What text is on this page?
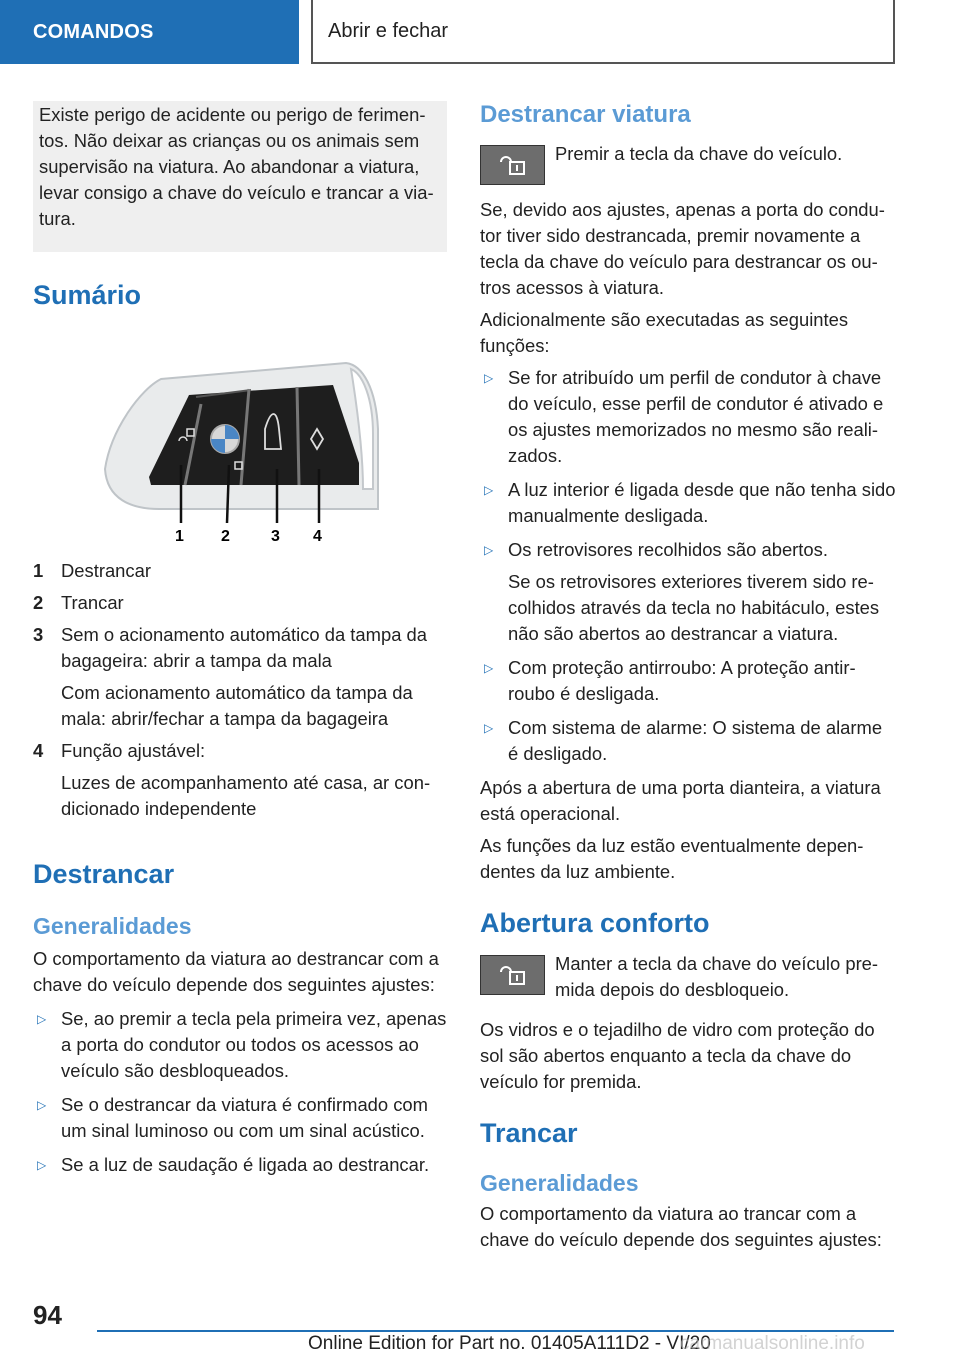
COMANDOS	Abrir e fechar

Existe perigo de acidente ou perigo de ferimentos. Não deixar as crianças ou os animais sem supervisão na viatura. Ao abandonar a viatura, levar consigo a chave do veículo e trancar a viatura.

Sumário
1 2	3 4
1 Destrancar
2 Trancar
3 Sem o acionamento automático da tampa da bagageira: abrir a tampa da mala
Com acionamento automático da tampa da mala: abrir/fechar a tampa da bagageira
4 Função ajustável:
Luzes de acompanhamento até casa, ar condicionado independente
Destrancar
Generalidades

O comportamento da viatura ao destrancar com a chave do veículo depende dos seguintes ajustes:

▷ Se, ao premir a tecla pela primeira vez, apenas a porta do condutor ou todos os acessos ao veículo são desbloqueados.
▷ Se o destrancar da viatura é confirmado com um sinal luminoso ou com um sinal acústico.
▷ Se a luz de saudação é ligada ao destrancar.
Destrancar viatura

Premir a tecla da chave do veículo.

Se, devido aos ajustes, apenas a porta do condutor tiver sido destrancada, premir novamente a tecla da chave do veículo para destrancar os outros acessos à viatura.

Adicionalmente são executadas as seguintes funções:

▷ Se for atribuído um perfil de condutor à chave do veículo, esse perfil de condutor é ativado e os ajustes memorizados no mesmo são realizados.
▷ A luz interior é ligada desde que não tenha sido manualmente desligada.
▷ Os retrovisores recolhidos são abertos.
Se os retrovisores exteriores tiverem sido recolhidos através da tecla no habitáculo, estes não são abertos ao destrancar a viatura.
▷ Com proteção antirroubo: A proteção antirroubo é desligada.
▷ Com sistema de alarme: O sistema de alarme é desligado.

Após a abertura de uma porta dianteira, a viatura está operacional.

As funções da luz estão eventualmente dependentes da luz ambiente.

Abertura conforto

Manter a tecla da chave do veículo premida depois do desbloqueio.

Os vidros e o tejadilho de vidro com proteção do sol são abertos enquanto a tecla da chave do veículo for premida.

Trancar
Generalidades

O comportamento da viatura ao trancar com a chave do veículo depende dos seguintes ajustes:

94
Online Edition for Part no. 01405A111D2 - VI/20
carmanualsonline.info
